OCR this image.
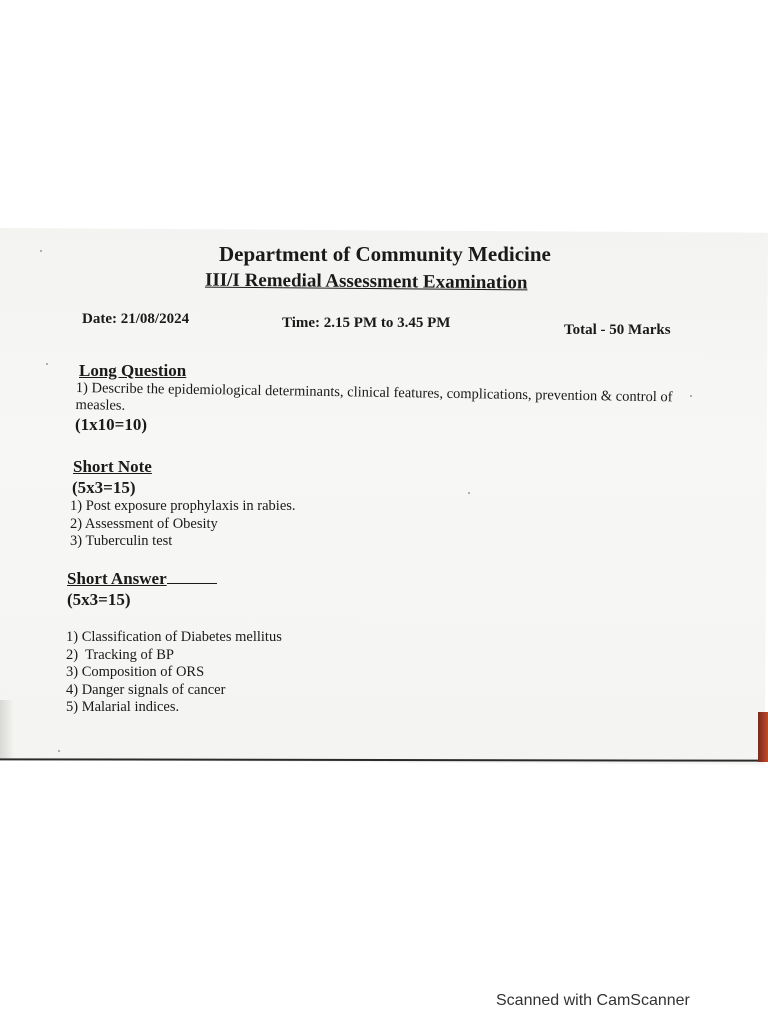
Department of Community Medicine
III/I Remedial Assessment Examination
Date: 21/08/2024	Time: 2.15 PM to 3.45 PM	Total - 50 Marks
Long Question

1) Describe the epidemiological determinants, clinical features, complications, prevention & control of measles.

(1x10=10)
Short Note
(5x3=15)
1) Post exposure prophylaxis in rabies.
2) Assessment of Obesity
3) Tuberculin test
Short Answer
(5x3=15)
1) Classification of Diabetes mellitus
2)  Tracking of BP
3) Composition of ORS
4) Danger signals of cancer
5) Malarial indices.
Scanned with CamScanner
